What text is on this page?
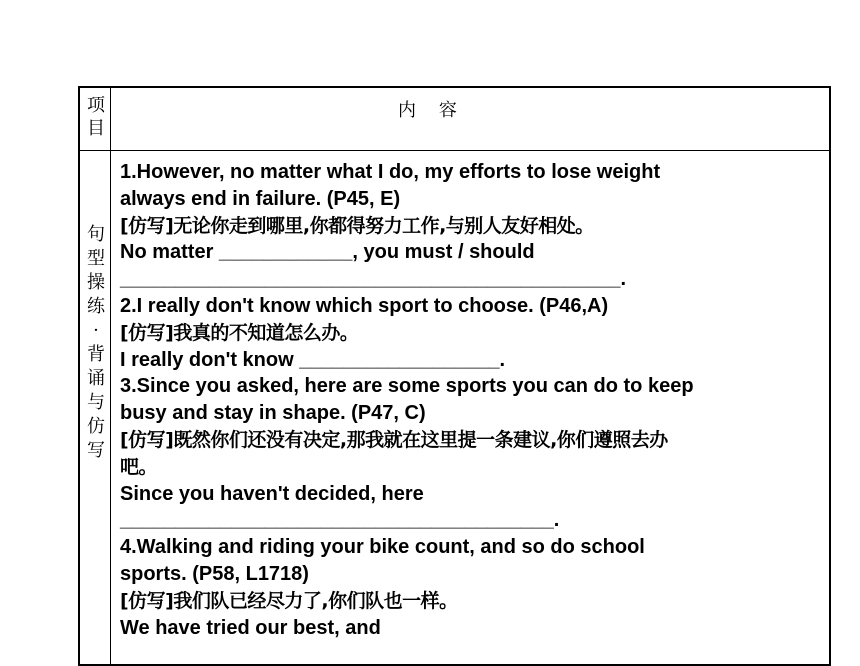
项
目
内    容
句
型
操
练
·
背
诵
与
仿
写

1.However, no matter what I do, my efforts to lose weight

always end in failure. (P45, E)

[仿写]无论你走到哪里,你都得努力工作,与别人友好相处。

No matter ____________, you must / should

_____________________________________________.

2.I really don't know which sport to choose. (P46,A)

[仿写]我真的不知道怎么办。

I really don't know __________________.

3.Since you asked, here are some sports you can do to keep

busy and stay in shape. (P47, C)

[仿写]既然你们还没有决定,那我就在这里提一条建议,你们遵照去办

吧。

Since you haven't decided, here

_______________________________________.

4.Walking and riding your bike count, and so do school

sports. (P58, L1718)

[仿写]我们队已经尽力了,你们队也一样。

We have tried our best, and
